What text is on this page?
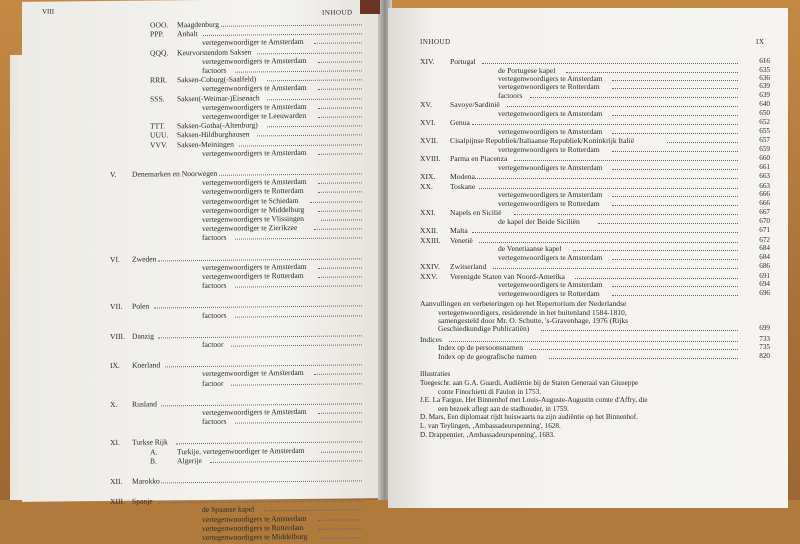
VIII	INHOUD
OOO. Maagdenburg
PPP. Anhalt
vertegenwoordiger te Amsterdam
QQQ. Keurvorstendom Saksen
vertegenwoordigers te Amsterdam
factoors
RRR. Saksen-Coburg(-Saalfeld)
vertegenwoordigers te Amsterdam
SSS. Saksen(-Weimar-)Eisenach
vertegenwoordigers te Amsterdam
vertegenwoordiger te Leeuwarden
TTT. Saksen-Gotha(-Altenburg)
UUU. Saksen-Hildburghausen
VVV. Saksen-Meiningen
vertegenwoordigers te Amsterdam
V. Denemarken en Noorwegen
vertegenwoordigers te Amsterdam
vertegenwoordigers te Rotterdam
vertegenwoordiger te Schiedam
vertegenwoordiger te Middelburg
vertegenwoordigers te Vlissingen
vertegenwoordiger te Zierikzee
factoors
VI. Zweden
vertegenwoordigers te Amsterdam
vertegenwoordigers te Rotterdam
factoors
VII. Polen
factoors
VIII. Danzig
factoor
IX. Koerland
vertegenwoordiger te Amsterdam
factoor
X. Rusland
vertegenwoordigers te Amsterdam
factoors
XI. Turkse Rijk
A.	Turkije, vertegenwoordiger te Amsterdam
B.	Algerije
XII. Marokko
XIII. Spanje
de Spaanse kapel
vertegenwoordigers te Amsterdam
vertegenwoordigers te Rotterdam
vertegenwoordigers te Middelburg
INHOUD	IX
XIV. Portugal	616
de Portugese kapel	635
vertegenwoordigers te Amsterdam	636
vertegenwoordigers te Rotterdam	639
factoors	639
XV. Savoye/Sardinië	640
vertegenwoordigers te Amsterdam	650
XVI. Genua	652
vertegenwoordigers te Amsterdam	655
XVII. Cisalpijnse Republiek/Italiaanse Republiek/Koninkrijk Italië	657
vertegenwoordigers te Rotterdam	659
XVIII. Parma en Piacenza	660
vertegenwoordigers te Amsterdam	661
XIX. Modena	663
XX. Toskane	663
vertegenwoordigers te Amsterdam	666
vertegenwoordigers te Rotterdam	666
XXI. Napels en Sicilië	667
de kapel der Beide Siciliën	670
XXII. Malta	671
XXIII. Venetië	672
de Venetiaanse kapel	684
vertegenwoordigers te Amsterdam	684
XXIV. Zwitserland	686
XXV. Verenigde Staten van Noord-Amerika	691
vertegenwoordigers te Amsterdam	694
vertegenwoordigers te Rotterdam	696
Aanvullingen en verbeteringen op het Repertorium der Nederlandse
vertegenwoordigers, residerende in het buitenland 1584-1810,
samengesteld door Mr. O. Schutte, 's-Gravenhage, 1976 (Rijks
Geschiedkundige Publicatiën)	699
Indices	733
Index op de persoonsnamen	735
Index op de geografische namen	820
Illustraties
Toegeschr. aan G.A. Guardi, Audiëntie bij de Staten Generaal van Giuseppe
conte Finochietti di Faulon in 1753.
J.E. La Fargue, Het Binnenhof met Louis-Auguste-Augustin comte d'Affry, die
een bezoek aflegt aan de stadhouder, in 1759.
D. Mars, Een diplomaat rijdt huiswaarts na zijn audiëntie op het Binnenhof.
L. van Teylingen, ‚Ambassadeurspenning', 1628.
D. Drappentier, ‚Ambassadeurspenning', 1683.
